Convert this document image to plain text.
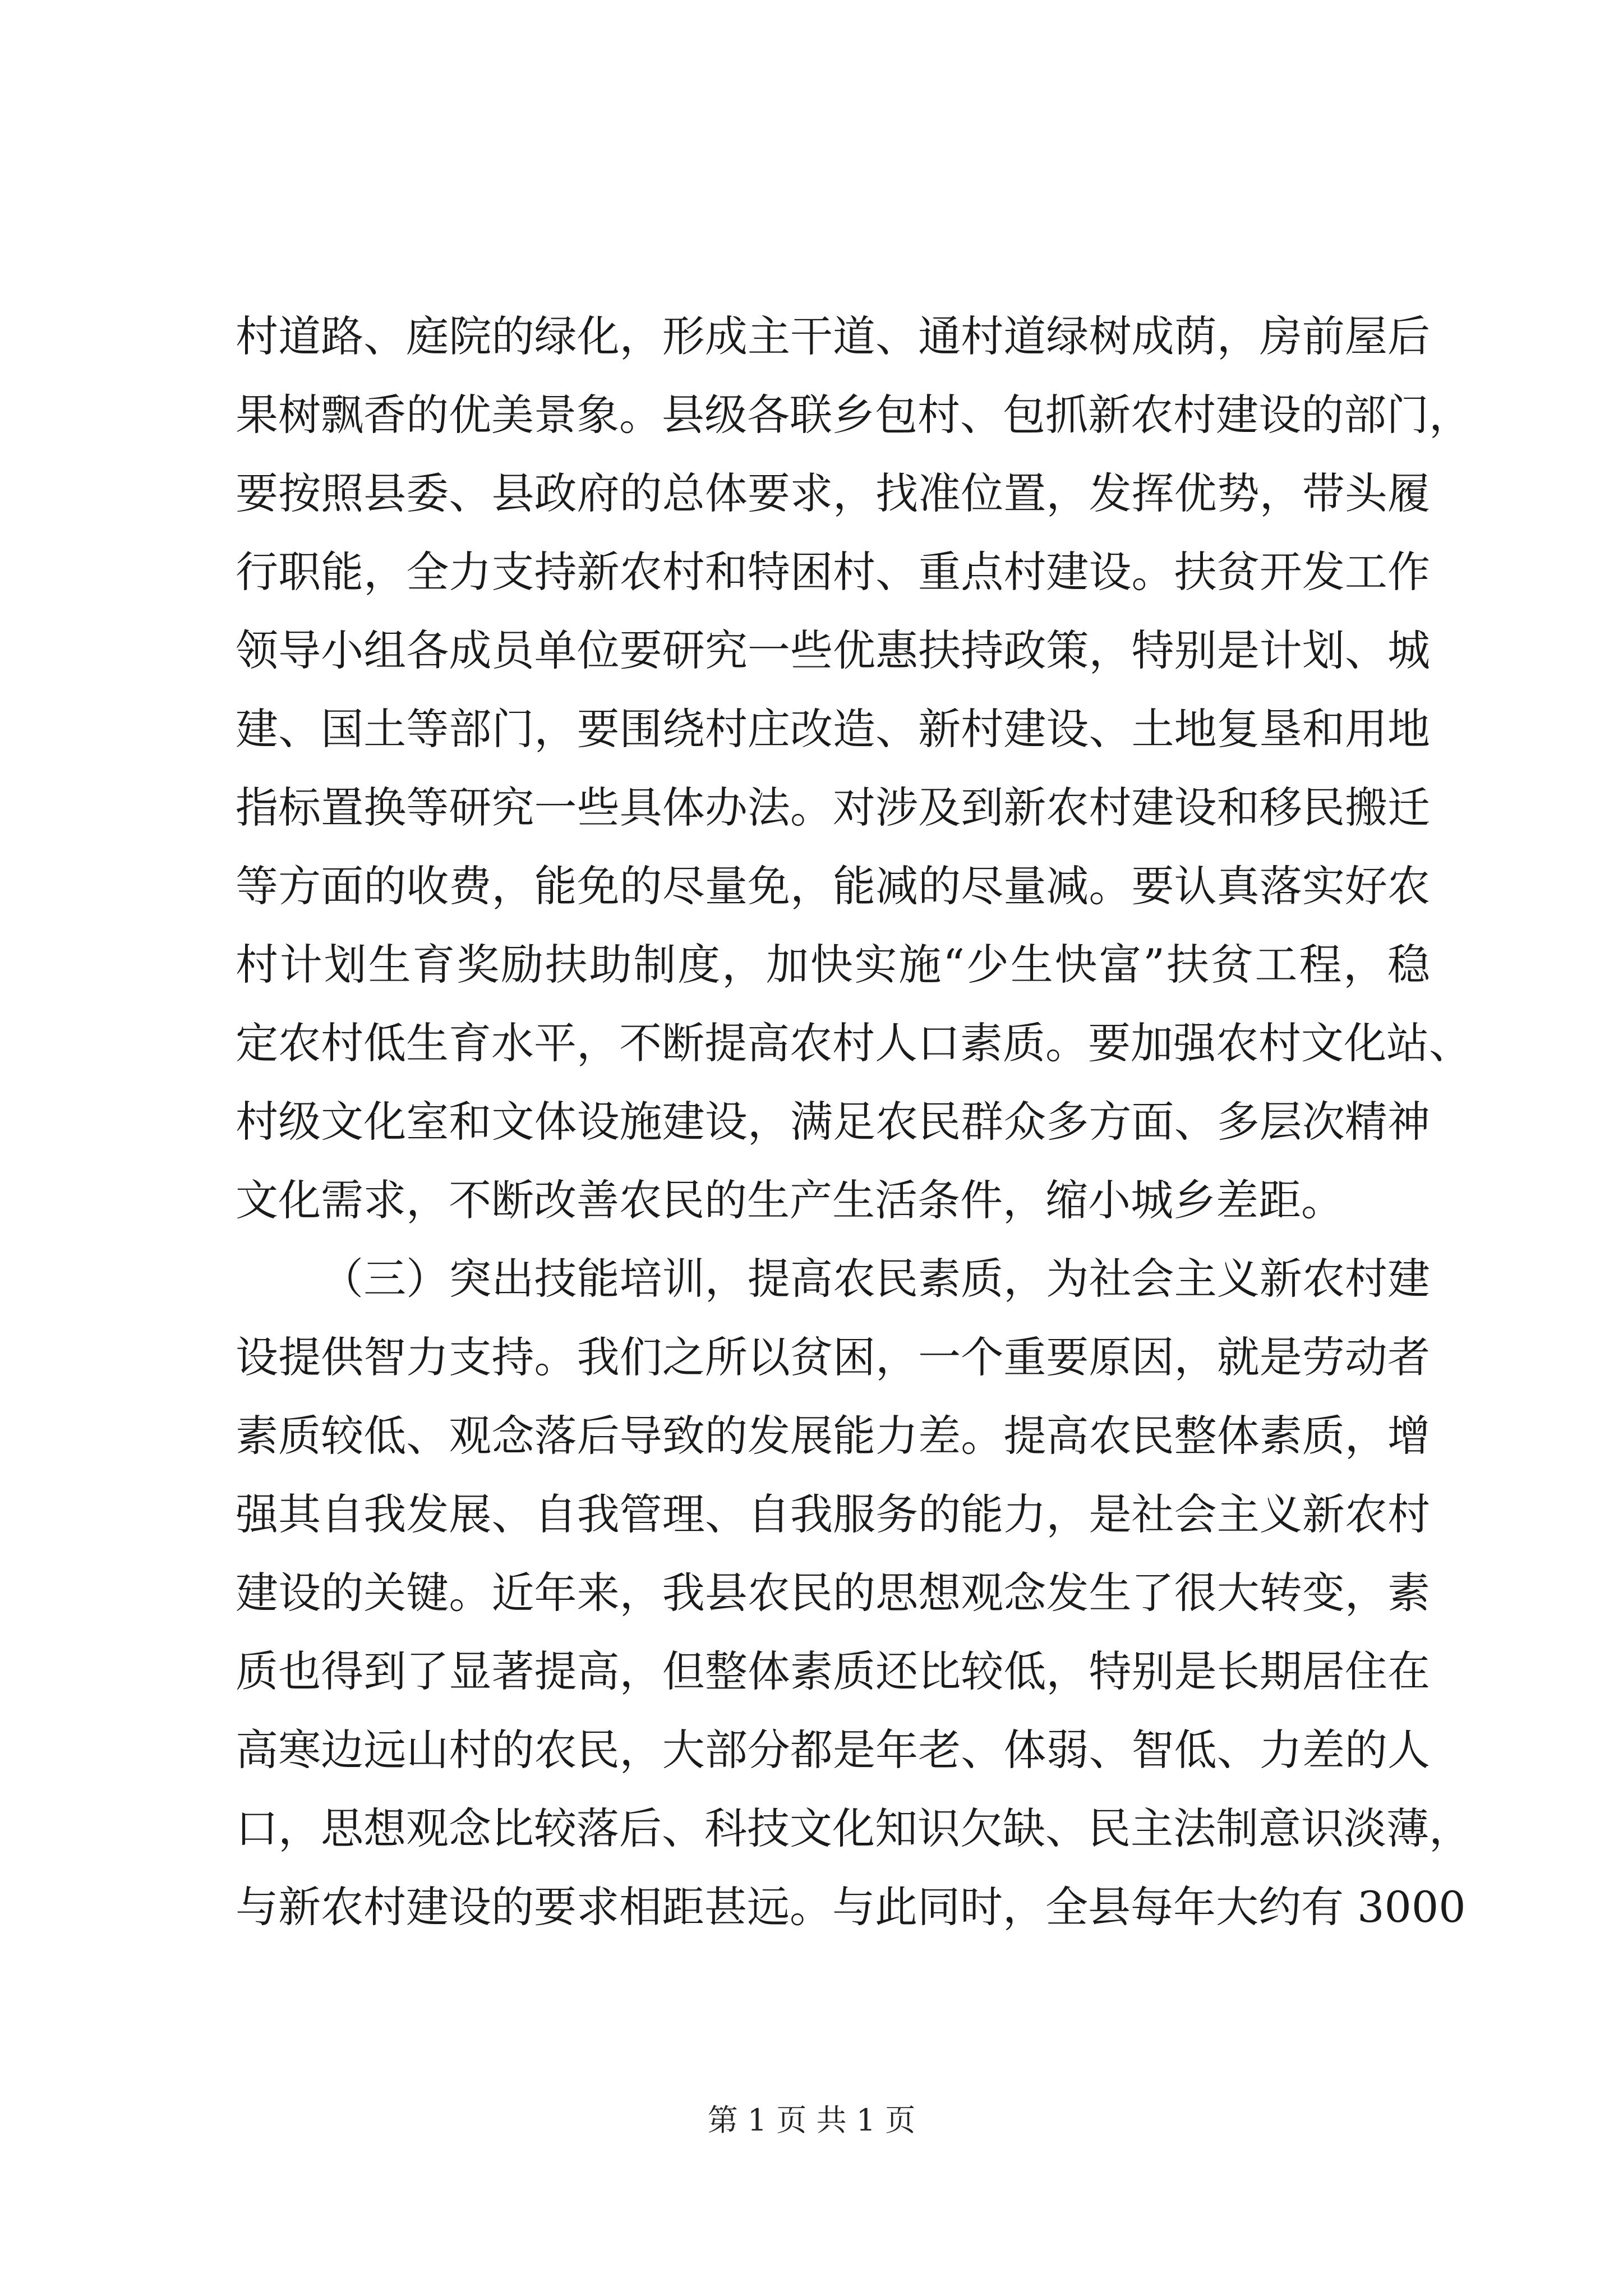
村道路、庭院的绿化，形成主干道、通村道绿树成荫，房前屋后
果树飘香的优美景象。县级各联乡包村、包抓新农村建设的部门，
要按照县委、县政府的总体要求，找准位置，发挥优势，带头履
行职能，全力支持新农村和特困村、重点村建设。扶贫开发工作
领导小组各成员单位要研究一些优惠扶持政策，特别是计划、城
建、国土等部门，要围绕村庄改造、新村建设、土地复垦和用地
指标置换等研究一些具体办法。对涉及到新农村建设和移民搬迁
等方面的收费，能免的尽量免，能减的尽量减。要认真落实好农
村计划生育奖励扶助制度，加快实施“少生快富”扶贫工程，稳
定农村低生育水平，不断提高农村人口素质。要加强农村文化站、
村级文化室和文体设施建设，满足农民群众多方面、多层次精神
文化需求，不断改善农民的生产生活条件，缩小城乡差距。
（三）突出技能培训，提高农民素质，为社会主义新农村建
设提供智力支持。我们之所以贫困，一个重要原因，就是劳动者
素质较低、观念落后导致的发展能力差。提高农民整体素质，增
强其自我发展、自我管理、自我服务的能力，是社会主义新农村
建设的关键。近年来，我县农民的思想观念发生了很大转变，素
质也得到了显著提高，但整体素质还比较低，特别是长期居住在
高寒边远山村的农民，大部分都是年老、体弱、智低、力差的人
口，思想观念比较落后、科技文化知识欠缺、民主法制意识淡薄，
与新农村建设的要求相距甚远。与此同时，全县每年大约有 3000
第 1 页 共 1 页
